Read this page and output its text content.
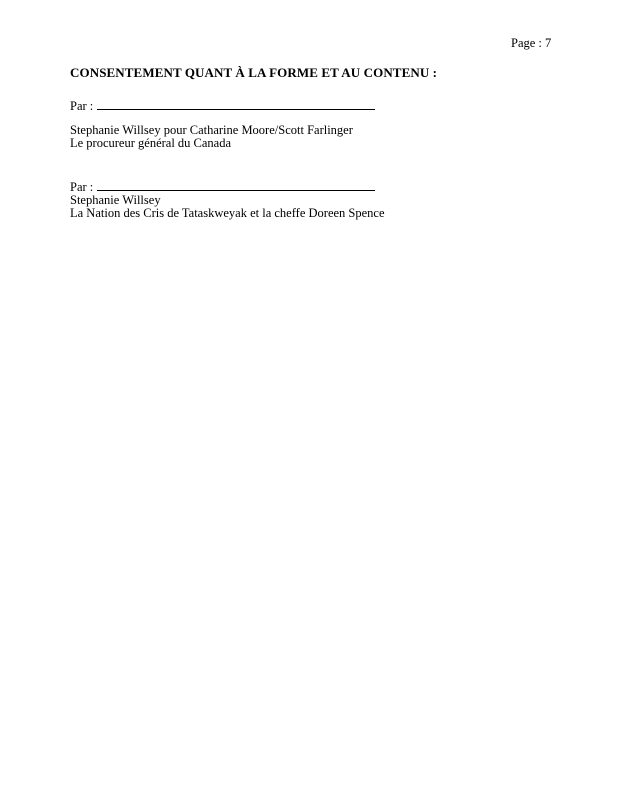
Page : 7
CONSENTEMENT QUANT À LA FORME ET AU CONTENU :
Par :
Stephanie Willsey pour Catharine Moore/Scott Farlinger
Le procureur général du Canada
Par :
Stephanie Willsey
La Nation des Cris de Tataskweyak et la cheffe Doreen Spence
